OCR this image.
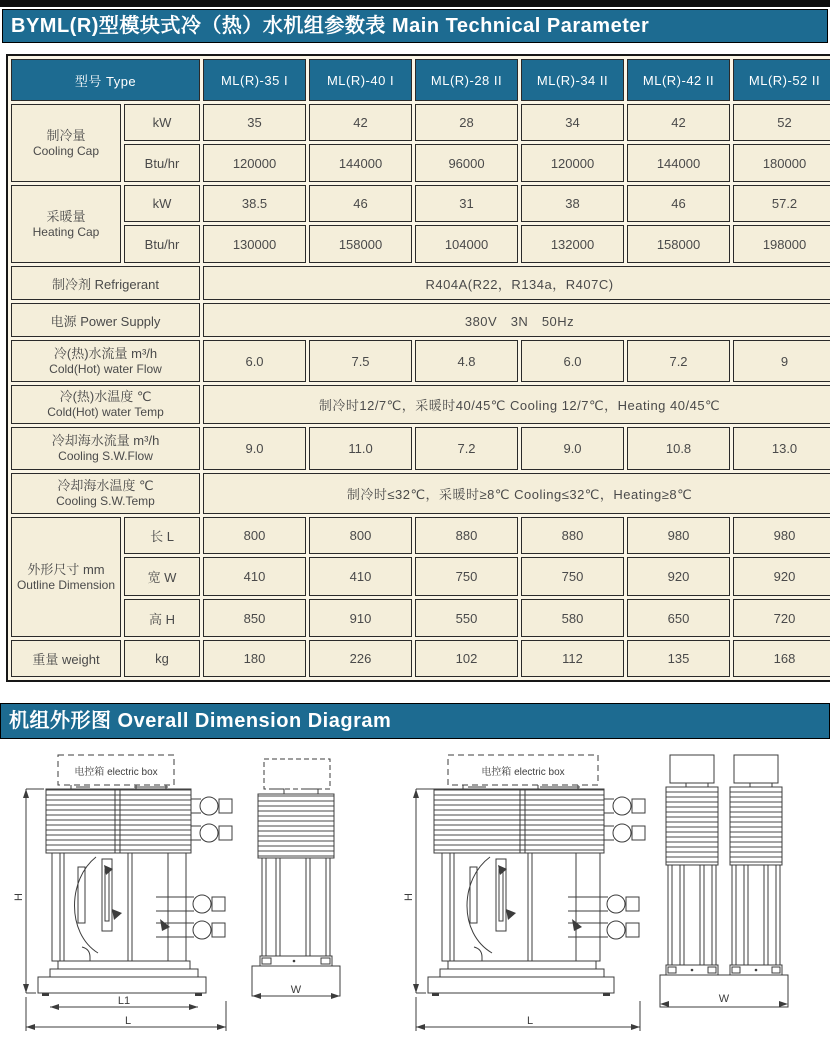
BYML(R)型模块式冷（热）水机组参数表 Main Technical Parameter
型号 Type		ML(R)-35 I	ML(R)-40 I	ML(R)-28 II	ML(R)-34 II	ML(R)-42 II	ML(R)-52 II

制冷量
Cooling Cap	kW	35	42	28	34	42	52
	Btu/hr	120000	144000	96000	120000	144000	180000

采暖量
Heating Cap	kW	38.5	46	31	38	46	57.2
	Btu/hr	130000	158000	104000	132000	158000	198000
制冷剂 Refrigerant		R404A(R22，R134a，R407C)					
电源 Power Supply		380V　3N　50Hz					

冷(热)水流量 m³/h
Cold(Hot) water Flow		6.0	7.5	4.8	6.0	7.2	9

冷(热)水温度 ℃
Cold(Hot) water Temp		制冷时12/7℃，采暖时40/45℃ Cooling 12/7℃，Heating 40/45℃					

冷却海水流量 m³/h
Cooling S.W.Flow		9.0	11.0	7.2	9.0	10.8	13.0

冷却海水温度 ℃
Cooling S.W.Temp		制冷时≤32℃，采暖时≥8℃ Cooling≤32℃，Heating≥8℃					

外形尺寸 mm
Outline Dimension	长 L	800	800	880	880	980	980
	宽 W	410	410	750	750	920	920
	高 H	850	910	550	580	650	720
重量 weight	kg	180	226	102	112	135	168
机组外形图 Overall Dimension Diagram
电控箱 electric box
H
L1
L
W
电控箱 electric box
H
L
W
